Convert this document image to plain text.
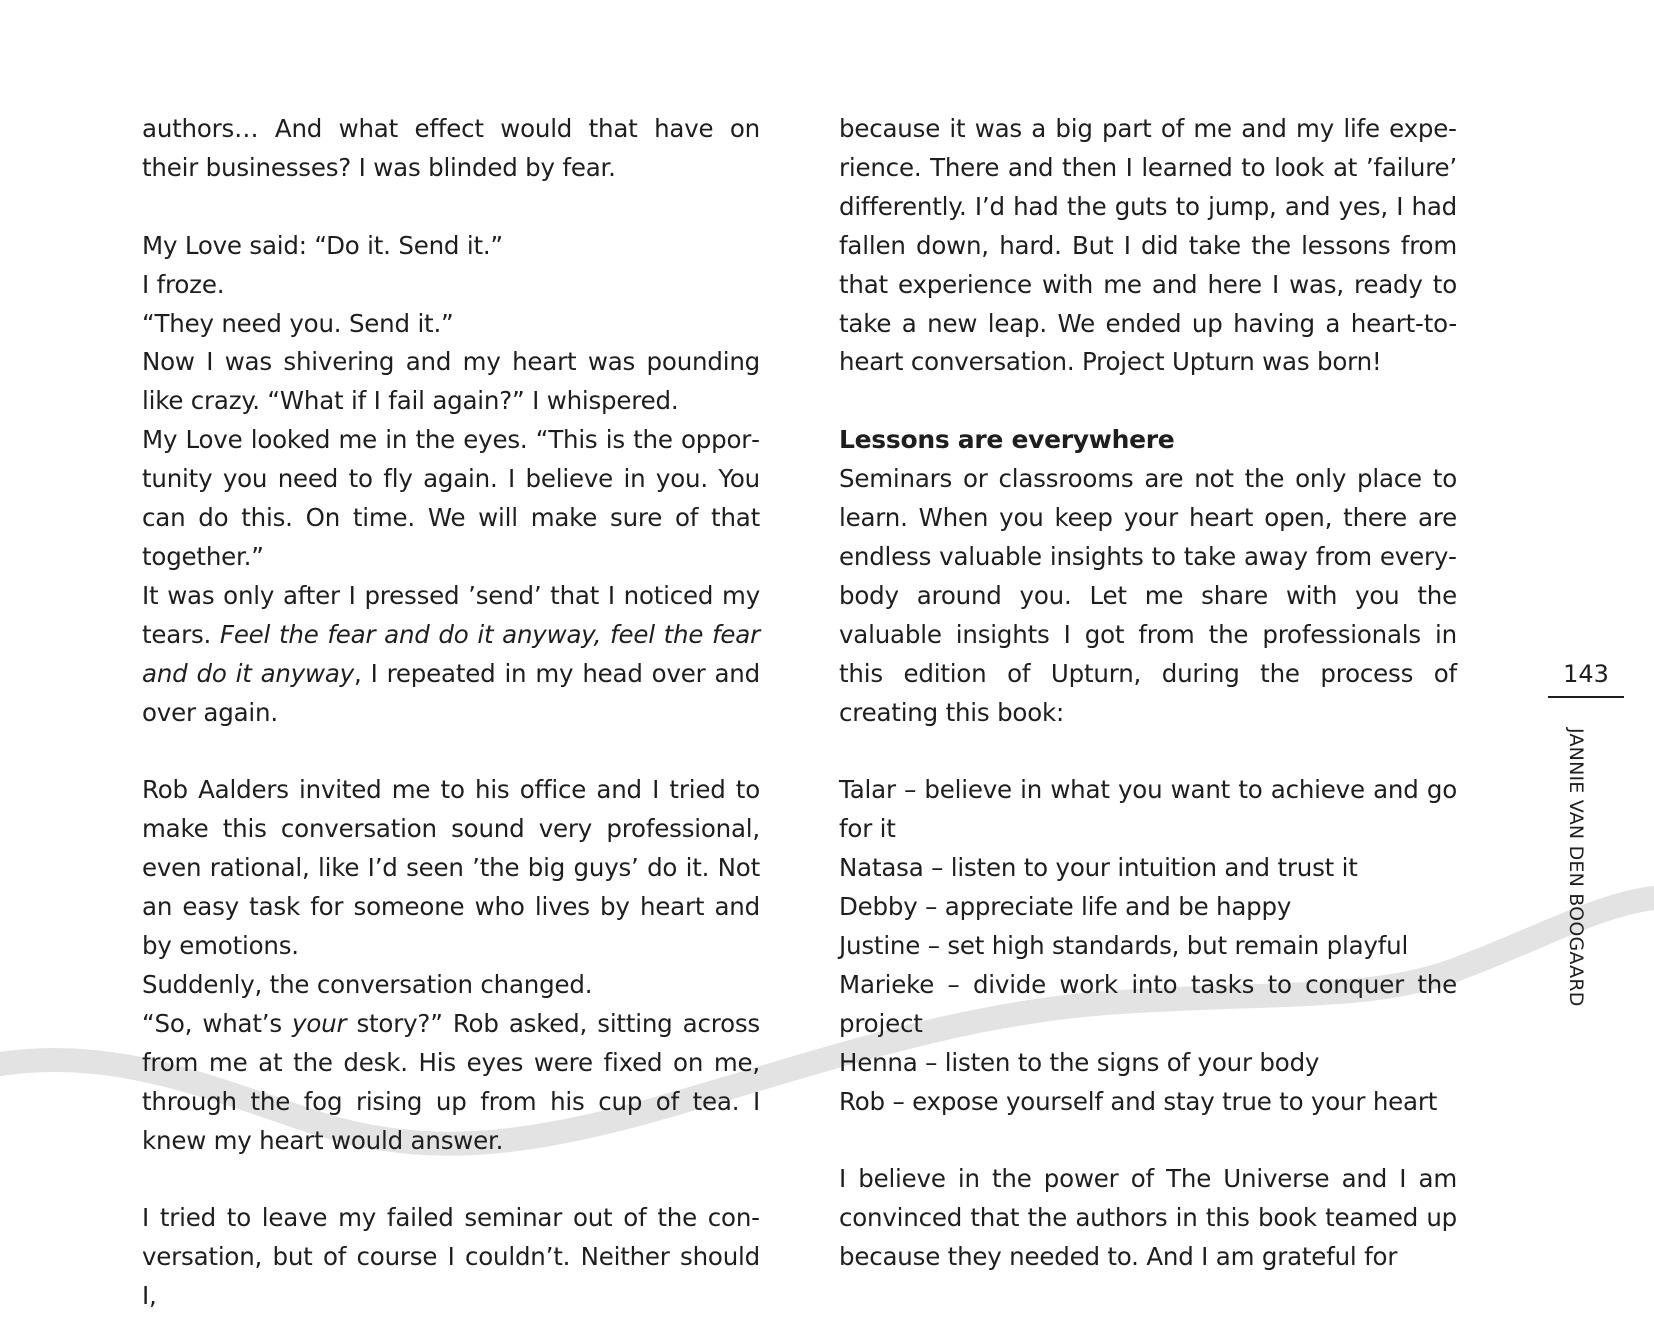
authors… And what effect would that have on their businesses? I was blinded by fear.

My Love said: “Do it. Send it.”

I froze.

“They need you. Send it.”

Now I was shivering and my heart was pounding like crazy. “What if I fail again?” I whispered.

My Love looked me in the eyes. “This is the opportunity you need to fly again. I believe in you. You can do this. On time. We will make sure of that together.”

It was only after I pressed ’send’ that I noticed my tears. Feel the fear and do it anyway, feel the fear and do it anyway, I repeated in my head over and over again.

Rob Aalders invited me to his office and I tried to make this conversation sound very professional, even rational, like I’d seen ’the big guys’ do it. Not an easy task for someone who lives by heart and by emotions.

Suddenly, the conversation changed.

“So, what’s your story?” Rob asked, sitting across from me at the desk. His eyes were fixed on me, through the fog rising up from his cup of tea. I knew my heart would answer.

I tried to leave my failed seminar out of the conversation, but of course I couldn’t. Neither should I,

because it was a big part of me and my life experience. There and then I learned to look at ’failure’ differently. I’d had the guts to jump, and yes, I had fallen down, hard. But I did take the lessons from that experience with me and here I was, ready to take a new leap. We ended up having a heart-to-heart conversation. Project Upturn was born!

Lessons are everywhere

Seminars or classrooms are not the only place to learn. When you keep your heart open, there are endless valuable insights to take away from everybody around you. Let me share with you the valuable insights I got from the professionals in this edition of Upturn, during the process of creating this book:

Talar – believe in what you want to achieve and go for it

Natasa – listen to your intuition and trust it

Debby – appreciate life and be happy

Justine – set high standards, but remain playful

Marieke – divide work into tasks to conquer the project

Henna – listen to the signs of your body

Rob – expose yourself and stay true to your heart

I believe in the power of The Universe and I am convinced that the authors in this book teamed up because they needed to. And I am grateful for

143
JANNIE VAN DEN BOOGAARD
